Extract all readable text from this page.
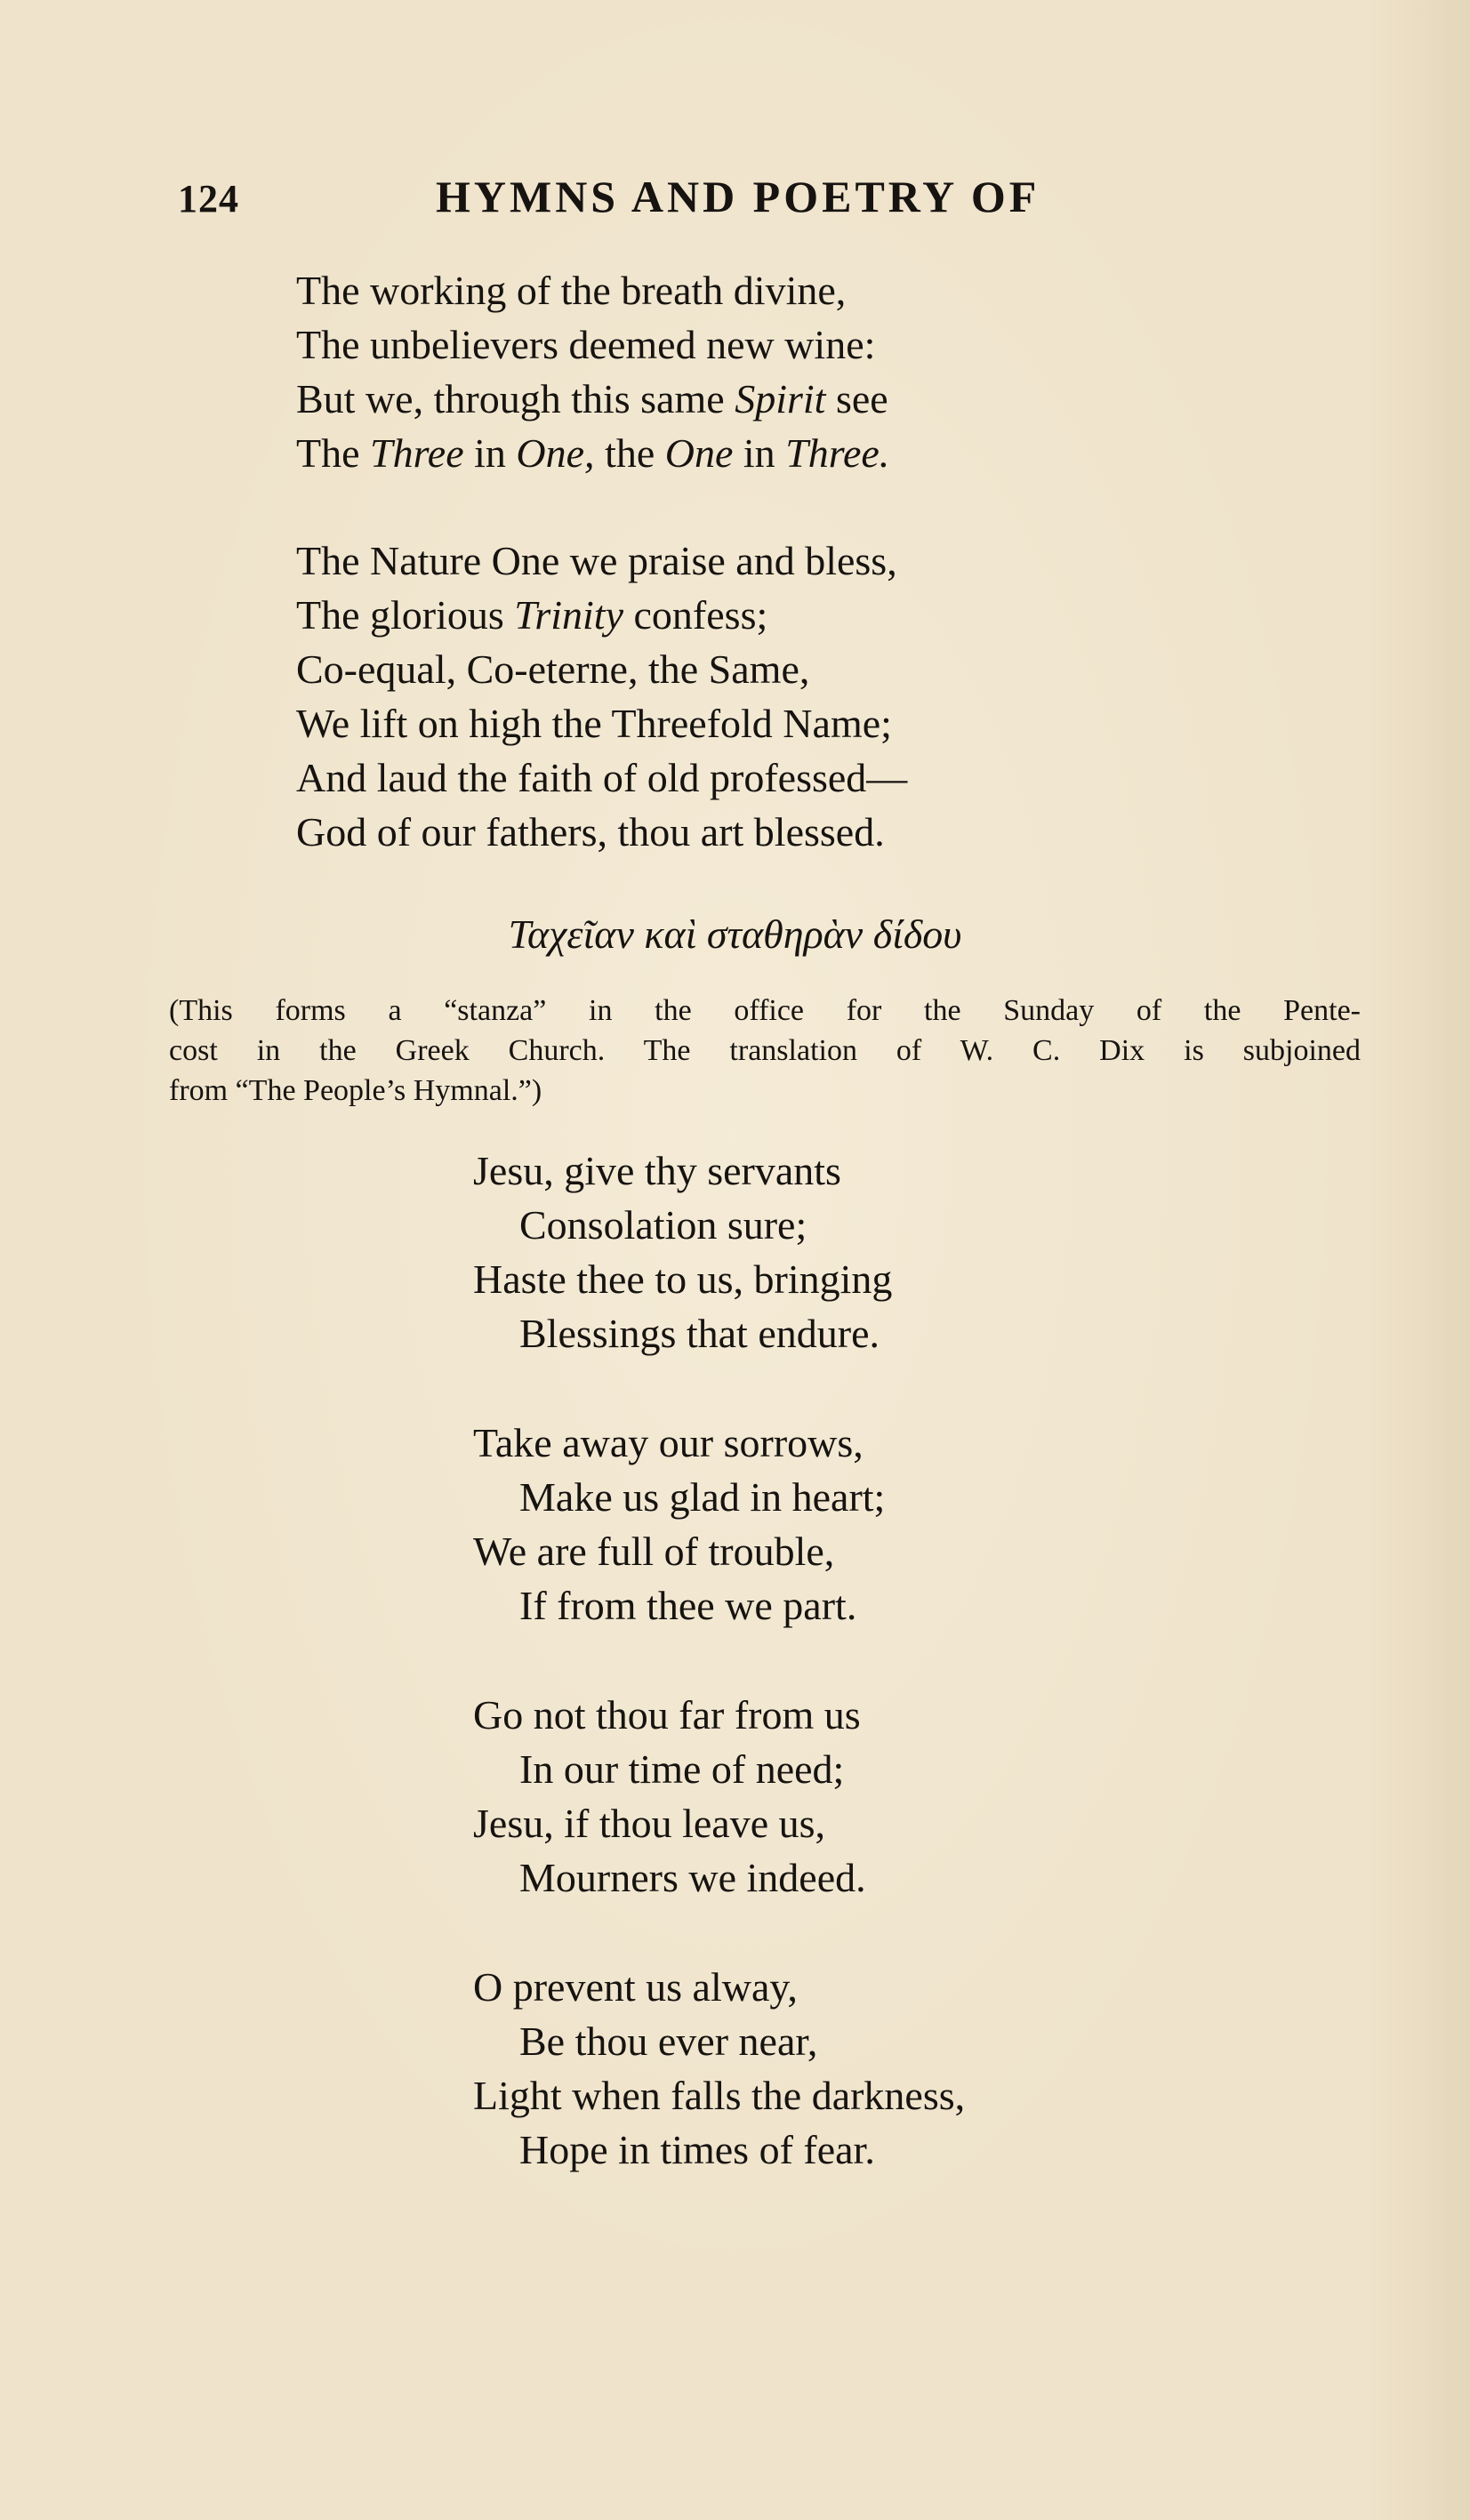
124	HYMNS AND POETRY OF
The working of the breath divine,
The unbelievers deemed new wine:
But we, through this same Spirit see
The Three in One, the One in Three.
The Nature One we praise and bless,
The glorious Trinity confess;
Co-equal, Co-eterne, the Same,
We lift on high the Threefold Name;
And laud the faith of old professed—
God of our fathers, thou art blessed.
Ταχεῖαν καὶ σταθηρὰν δίδου

(This forms a “stanza” in the office for the Sunday of the Pente-
cost in the Greek Church. The translation of W. C. Dix is subjoined
from “The People’s Hymnal.”)

Jesu, give thy servants
Consolation sure;
Haste thee to us, bringing
Blessings that endure.
Take away our sorrows,
Make us glad in heart;
We are full of trouble,
If from thee we part.
Go not thou far from us
In our time of need;
Jesu, if thou leave us,
Mourners we indeed.
O prevent us alway,
Be thou ever near,
Light when falls the darkness,
Hope in times of fear.
